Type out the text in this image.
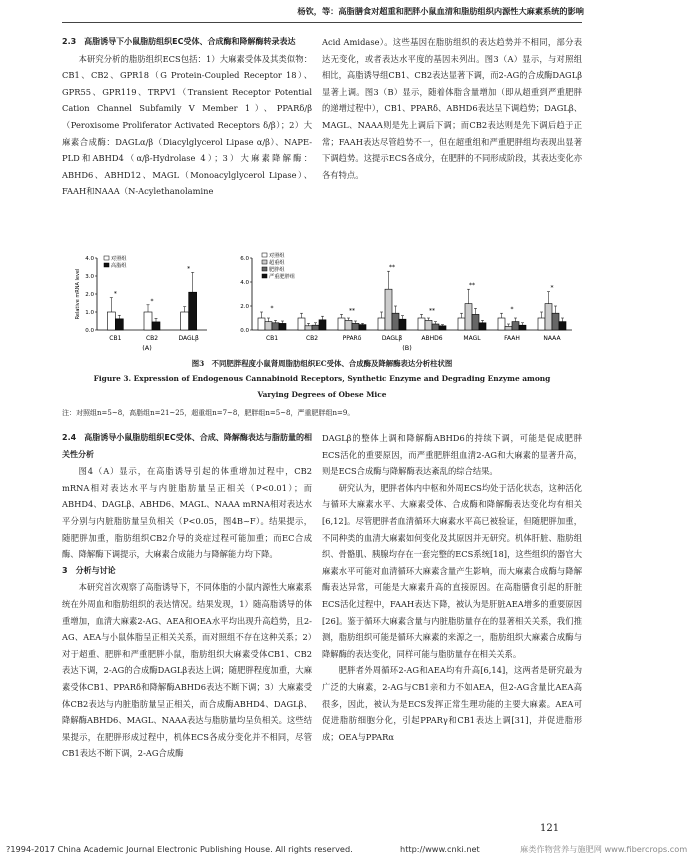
杨钦，等：高脂膳食对超重和肥胖小鼠血清和脂肪组织内源性大麻素系统的影响

2.3　高脂诱导下小鼠脂肪组织EC受体、合成酶和降解酶转录表达

本研究分析的脂肪组织ECS包括：1）大麻素受体及其类似物：CB1、CB2、GPR18（G Protein-Coupled Receptor 18）、GPR55、GPR119、TRPV1（Transient Receptor Potential Cation Channel Subfamily V Member 1）、PPARδ/β（Peroxisome Proliferator Activated Receptors δ/β）；2）大麻素合成酶：DAGLα/β（Diacylglycerol Lipase α/β）、NAPE-PLD和ABHD4（α/β-Hydrolase 4）；3）大麻素降解酶：ABHD6、ABHD12、MAGL（Monoacylglycerol Lipase）、FAAH和NAAA（N-Acylethanolamine

Acid Amidase）。这些基因在脂肪组织的表达趋势并不相同，部分表达无变化，或者表达水平度的基因未列出。图3（A）显示，与对照组相比，高脂诱导组CB1、CB2表达显著下调，而2-AG的合成酶DAGLβ显著上调。图3（B）显示，随着体脂含量增加（即从超重到严重肥胖的递增过程中），CB1、PPARδ、ABHD6表达呈下调趋势；DAGLβ、MAGL、NAAA则是先上调后下调；而CB2表达则是先下调后趋于正常；FAAH表达尽管趋势不一，但在超重组和严重肥胖组均表现出显著下调趋势。这提示ECS各成分，在肥胖的不同形成阶段，其表达变化亦各有特点。

0.0
1.0
2.0
3.0
4.0
Relative mRNA level
CB1
*
CB2
*
DAGLβ
*
对照组
高脂组
(A)
0.0
2.0
4.0
6.0
CB1
*
CB2	PPARδ
**
DAGLβ
**
ABHD6
**
MAGL
**
FAAH
*
NAAA
*
对照组
超重组
肥胖组
严重肥胖组
(B)
图3　不同肥胖程度小鼠肾周脂肪组织EC受体、合成酶及降解酶表达分析柱状图
Figure 3. Expression of Endogenous Cannabinoid Receptors, Synthetic Enzyme and Degrading Enzyme among
Varying Degrees of Obese Mice
注：对照组n=5~8，高脂组n=21~25，超重组n=7~8，肥胖组n=5~8，严重肥胖组n=9。

2.4　高脂诱导小鼠脂肪组织EC受体、合成、降解酶表达与脂肪量的相关性分析

图4（A）显示，在高脂诱导引起的体重增加过程中，CB2 mRNA相对表达水平与内脏脂肪量呈正相关（P<0.01）；而ABHD4、DAGLβ、ABHD6、MAGL、NAAA mRNA相对表达水平分别与内脏脂肪量呈负相关（P<0.05，图4B~F）。结果提示，随肥胖加重，脂肪组织CB2介导的炎症过程可能加重；而EC合成酶、降解酶下调提示，大麻素合成能力与降解能力均下降。

3　分析与讨论

本研究首次观察了高脂诱导下，不同体脂的小鼠内源性大麻素系统在外周血和脂肪组织的表达情况。结果发现，1）随高脂诱导的体重增加，血清大麻素2-AG、AEA和OEA水平均出现升高趋势，且2-AG、AEA与小鼠体脂呈正相关关系，而对照组不存在这种关系；2）对于超重、肥胖和严重肥胖小鼠，脂肪组织大麻素受体CB1、CB2表达下调，2-AG的合成酶DAGLβ表达上调；随肥胖程度加重，大麻素受体CB1、PPARδ和降解酶ABHD6表达不断下调；3）大麻素受体CB2表达与内脏脂肪量呈正相关，而合成酶ABHD4、DAGLβ、降解酶ABHD6、MAGL、NAAA表达与脂肪量均呈负相关。这些结果提示，在肥胖形成过程中，机体ECS各成分变化并不相同，尽管CB1表达不断下调，2-AG合成酶

DAGLβ的整体上调和降解酶ABHD6的持续下调，可能是促成肥胖ECS活化的重要原因，而严重肥胖组血清2-AG和大麻素的显著升高，则是ECS合成酶与降解酶表达紊乱的综合结果。

研究认为，肥胖者体内中枢和外周ECS均处于活化状态，这种活化与循环大麻素水平、大麻素受体、合成酶和降解酶表达变化均有相关[6,12]。尽管肥胖者血清循环大麻素水平高已被验证，但随肥胖加重，不同种类的血清大麻素如何变化及其原因并无研究。机体肝脏、脂肪组织、骨骼肌、胰腺均存在一套完整的ECS系统[18]，这些组织的器官大麻素水平可能对血清循环大麻素含量产生影响，而大麻素合成酶与降解酶表达异常，可能是大麻素升高的直接原因。在高脂膳食引起的肝脏ECS活化过程中，FAAH表达下降，被认为是肝脏AEA增多的重要原因[26]。鉴于循环大麻素含量与内脏脂肪量存在的显著相关关系，我们推测，脂肪组织可能是循环大麻素的来源之一，脂肪组织大麻素合成酶与降解酶的表达变化，同样可能与脂肪量存在相关关系。

肥胖者外周循环2-AG和AEA均有升高[6,14]，这两者是研究最为广泛的大麻素，2-AG与CB1亲和力不如AEA，但2-AG含量比AEA高很多，因此，被认为是ECS发挥正常生理功能的主要大麻素。AEA可促进脂肪细胞分化，引起PPARγ和CB1表达上调[31]，并促进脂形成；OEA与PPARα

121
?1994-2017 China Academic Journal Electronic Publishing House. All rights reserved.	http://www.cnki.net	麻类作物营养与施肥网 www.fibercrops.com
